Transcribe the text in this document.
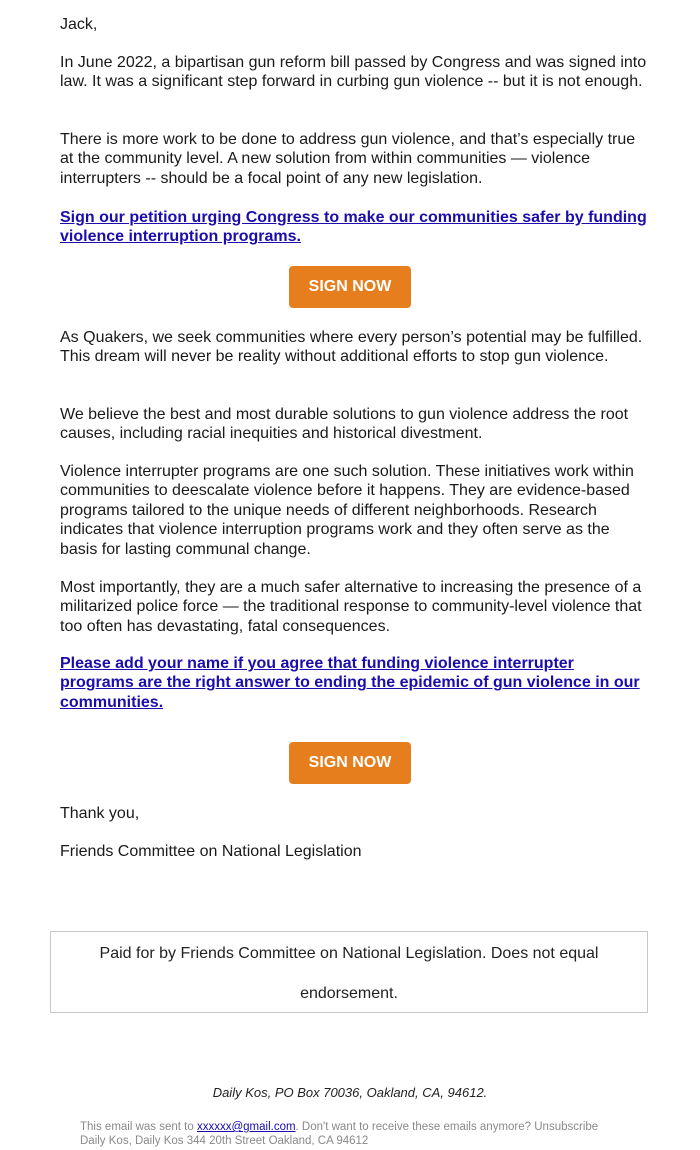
Jack,

In June 2022, a bipartisan gun reform bill passed by Congress and was signed into law. It was a significant step forward in curbing gun violence -- but it is not enough.

There is more work to be done to address gun violence, and that’s especially true at the community level. A new solution from within communities — violence interrupters -- should be a focal point of any new legislation.

Sign our petition urging Congress to make our communities safer by funding violence interruption programs.
SIGN NOW

As Quakers, we seek communities where every person’s potential may be fulfilled. This dream will never be reality without additional efforts to stop gun violence.

We believe the best and most durable solutions to gun violence address the root causes, including racial inequities and historical divestment.

Violence interrupter programs are one such solution. These initiatives work within communities to deescalate violence before it happens. They are evidence-based programs tailored to the unique needs of different neighborhoods. Research indicates that violence interruption programs work and they often serve as the basis for lasting communal change.

Most importantly, they are a much safer alternative to increasing the presence of a militarized police force — the traditional response to community-level violence that too often has devastating, fatal consequences.

Please add your name if you agree that funding violence interrupter programs are the right answer to ending the epidemic of gun violence in our communities.
SIGN NOW

Thank you,

Friends Committee on National Legislation

Paid for by Friends Committee on National Legislation. Does not equal endorsement.

Daily Kos, PO Box 70036, Oakland, CA, 94612.
This email was sent to xxxxxx@gmail.com. Don't want to receive these emails anymore? Unsubscribe
Daily Kos, Daily Kos 344 20th Street Oakland, CA 94612
